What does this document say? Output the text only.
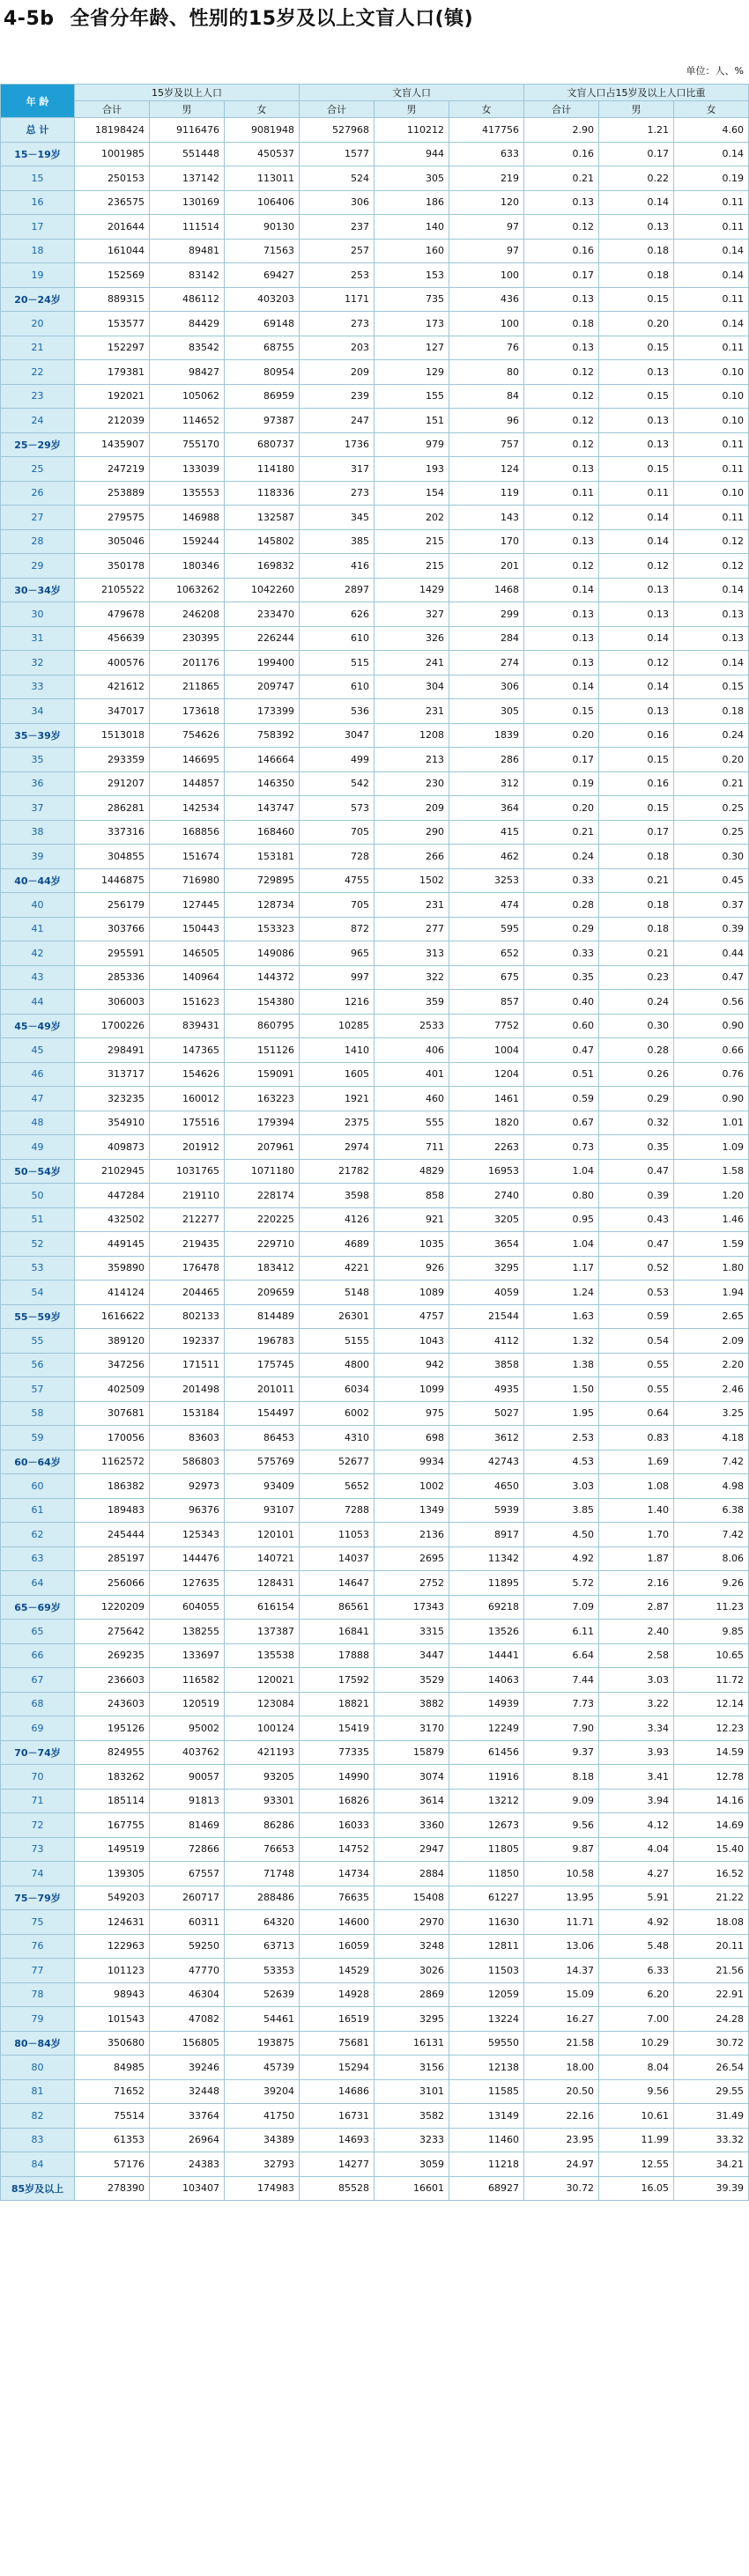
4-5b 全省分年龄、性别的15岁及以上文盲人口(镇)
单位：人、%
年 龄	15岁及以上人口			文盲人口			文盲人口占15岁及以上人口比重		
	合计	男	女	合计	男	女	合计	男	女
总 计	18198424	9116476	9081948	527968	110212	417756	2.90	1.21	4.60
15－19岁	1001985	551448	450537	1577	944	633	0.16	0.17	0.14
15	250153	137142	113011	524	305	219	0.21	0.22	0.19
16	236575	130169	106406	306	186	120	0.13	0.14	0.11
17	201644	111514	90130	237	140	97	0.12	0.13	0.11
18	161044	89481	71563	257	160	97	0.16	0.18	0.14
19	152569	83142	69427	253	153	100	0.17	0.18	0.14
20－24岁	889315	486112	403203	1171	735	436	0.13	0.15	0.11
20	153577	84429	69148	273	173	100	0.18	0.20	0.14
21	152297	83542	68755	203	127	76	0.13	0.15	0.11
22	179381	98427	80954	209	129	80	0.12	0.13	0.10
23	192021	105062	86959	239	155	84	0.12	0.15	0.10
24	212039	114652	97387	247	151	96	0.12	0.13	0.10
25－29岁	1435907	755170	680737	1736	979	757	0.12	0.13	0.11
25	247219	133039	114180	317	193	124	0.13	0.15	0.11
26	253889	135553	118336	273	154	119	0.11	0.11	0.10
27	279575	146988	132587	345	202	143	0.12	0.14	0.11
28	305046	159244	145802	385	215	170	0.13	0.14	0.12
29	350178	180346	169832	416	215	201	0.12	0.12	0.12
30－34岁	2105522	1063262	1042260	2897	1429	1468	0.14	0.13	0.14
30	479678	246208	233470	626	327	299	0.13	0.13	0.13
31	456639	230395	226244	610	326	284	0.13	0.14	0.13
32	400576	201176	199400	515	241	274	0.13	0.12	0.14
33	421612	211865	209747	610	304	306	0.14	0.14	0.15
34	347017	173618	173399	536	231	305	0.15	0.13	0.18
35－39岁	1513018	754626	758392	3047	1208	1839	0.20	0.16	0.24
35	293359	146695	146664	499	213	286	0.17	0.15	0.20
36	291207	144857	146350	542	230	312	0.19	0.16	0.21
37	286281	142534	143747	573	209	364	0.20	0.15	0.25
38	337316	168856	168460	705	290	415	0.21	0.17	0.25
39	304855	151674	153181	728	266	462	0.24	0.18	0.30
40－44岁	1446875	716980	729895	4755	1502	3253	0.33	0.21	0.45
40	256179	127445	128734	705	231	474	0.28	0.18	0.37
41	303766	150443	153323	872	277	595	0.29	0.18	0.39
42	295591	146505	149086	965	313	652	0.33	0.21	0.44
43	285336	140964	144372	997	322	675	0.35	0.23	0.47
44	306003	151623	154380	1216	359	857	0.40	0.24	0.56
45－49岁	1700226	839431	860795	10285	2533	7752	0.60	0.30	0.90
45	298491	147365	151126	1410	406	1004	0.47	0.28	0.66
46	313717	154626	159091	1605	401	1204	0.51	0.26	0.76
47	323235	160012	163223	1921	460	1461	0.59	0.29	0.90
48	354910	175516	179394	2375	555	1820	0.67	0.32	1.01
49	409873	201912	207961	2974	711	2263	0.73	0.35	1.09
50－54岁	2102945	1031765	1071180	21782	4829	16953	1.04	0.47	1.58
50	447284	219110	228174	3598	858	2740	0.80	0.39	1.20
51	432502	212277	220225	4126	921	3205	0.95	0.43	1.46
52	449145	219435	229710	4689	1035	3654	1.04	0.47	1.59
53	359890	176478	183412	4221	926	3295	1.17	0.52	1.80
54	414124	204465	209659	5148	1089	4059	1.24	0.53	1.94
55－59岁	1616622	802133	814489	26301	4757	21544	1.63	0.59	2.65
55	389120	192337	196783	5155	1043	4112	1.32	0.54	2.09
56	347256	171511	175745	4800	942	3858	1.38	0.55	2.20
57	402509	201498	201011	6034	1099	4935	1.50	0.55	2.46
58	307681	153184	154497	6002	975	5027	1.95	0.64	3.25
59	170056	83603	86453	4310	698	3612	2.53	0.83	4.18
60－64岁	1162572	586803	575769	52677	9934	42743	4.53	1.69	7.42
60	186382	92973	93409	5652	1002	4650	3.03	1.08	4.98
61	189483	96376	93107	7288	1349	5939	3.85	1.40	6.38
62	245444	125343	120101	11053	2136	8917	4.50	1.70	7.42
63	285197	144476	140721	14037	2695	11342	4.92	1.87	8.06
64	256066	127635	128431	14647	2752	11895	5.72	2.16	9.26
65－69岁	1220209	604055	616154	86561	17343	69218	7.09	2.87	11.23
65	275642	138255	137387	16841	3315	13526	6.11	2.40	9.85
66	269235	133697	135538	17888	3447	14441	6.64	2.58	10.65
67	236603	116582	120021	17592	3529	14063	7.44	3.03	11.72
68	243603	120519	123084	18821	3882	14939	7.73	3.22	12.14
69	195126	95002	100124	15419	3170	12249	7.90	3.34	12.23
70－74岁	824955	403762	421193	77335	15879	61456	9.37	3.93	14.59
70	183262	90057	93205	14990	3074	11916	8.18	3.41	12.78
71	185114	91813	93301	16826	3614	13212	9.09	3.94	14.16
72	167755	81469	86286	16033	3360	12673	9.56	4.12	14.69
73	149519	72866	76653	14752	2947	11805	9.87	4.04	15.40
74	139305	67557	71748	14734	2884	11850	10.58	4.27	16.52
75－79岁	549203	260717	288486	76635	15408	61227	13.95	5.91	21.22
75	124631	60311	64320	14600	2970	11630	11.71	4.92	18.08
76	122963	59250	63713	16059	3248	12811	13.06	5.48	20.11
77	101123	47770	53353	14529	3026	11503	14.37	6.33	21.56
78	98943	46304	52639	14928	2869	12059	15.09	6.20	22.91
79	101543	47082	54461	16519	3295	13224	16.27	7.00	24.28
80－84岁	350680	156805	193875	75681	16131	59550	21.58	10.29	30.72
80	84985	39246	45739	15294	3156	12138	18.00	8.04	26.54
81	71652	32448	39204	14686	3101	11585	20.50	9.56	29.55
82	75514	33764	41750	16731	3582	13149	22.16	10.61	31.49
83	61353	26964	34389	14693	3233	11460	23.95	11.99	33.32
84	57176	24383	32793	14277	3059	11218	24.97	12.55	34.21
85岁及以上	278390	103407	174983	85528	16601	68927	30.72	16.05	39.39
